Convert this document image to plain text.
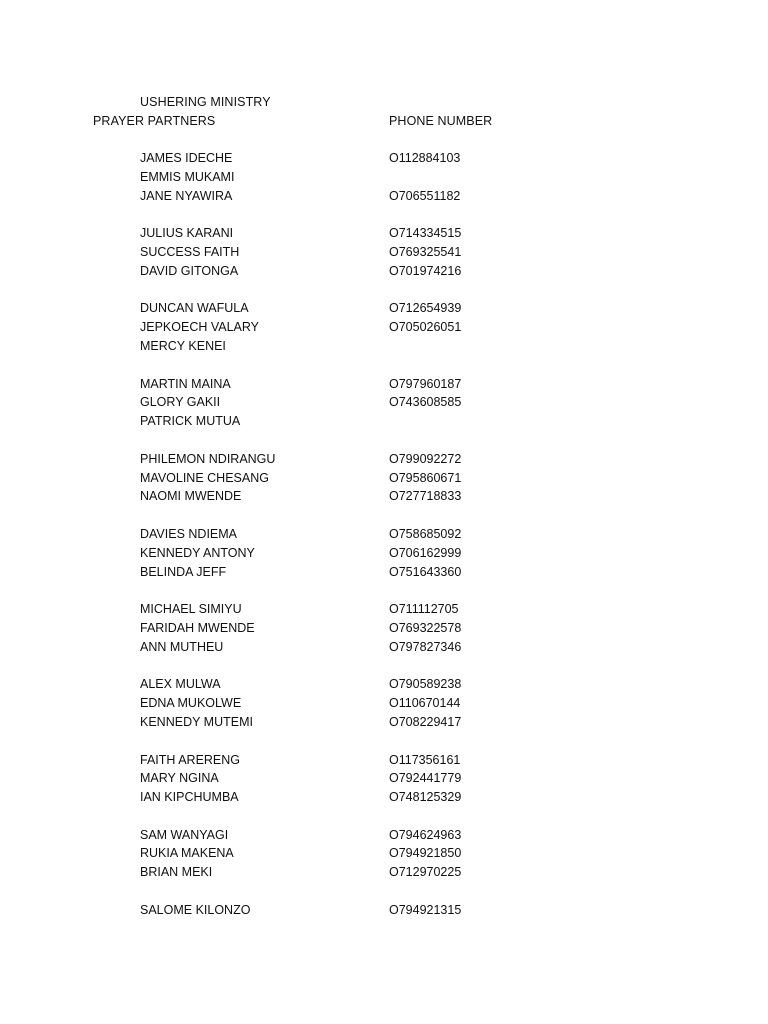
USHERING MINISTRY
PRAYER PARTNERS	PHONE NUMBER
JAMES IDECHE	O112884103
EMMIS MUKAMI
JANE NYAWIRA	O706551182
JULIUS KARANI	O714334515
SUCCESS FAITH	O769325541
DAVID GITONGA	O701974216
DUNCAN WAFULA	O712654939
JEPKOECH VALARY	O705026051
MERCY KENEI
MARTIN MAINA	O797960187
GLORY GAKII	O743608585
PATRICK MUTUA
PHILEMON NDIRANGU	O799092272
MAVOLINE CHESANG	O795860671
NAOMI MWENDE	O727718833
DAVIES NDIEMA	O758685092
KENNEDY ANTONY	O706162999
BELINDA JEFF	O751643360
MICHAEL SIMIYU	O711112705
FARIDAH MWENDE	O769322578
ANN MUTHEU	O797827346
ALEX MULWA	O790589238
EDNA MUKOLWE	O110670144
KENNEDY MUTEMI	O708229417
FAITH ARERENG	O117356161
MARY NGINA	O792441779
IAN KIPCHUMBA	O748125329
SAM WANYAGI	O794624963
RUKIA MAKENA	O794921850
BRIAN MEKI	O712970225
SALOME KILONZO	O794921315
